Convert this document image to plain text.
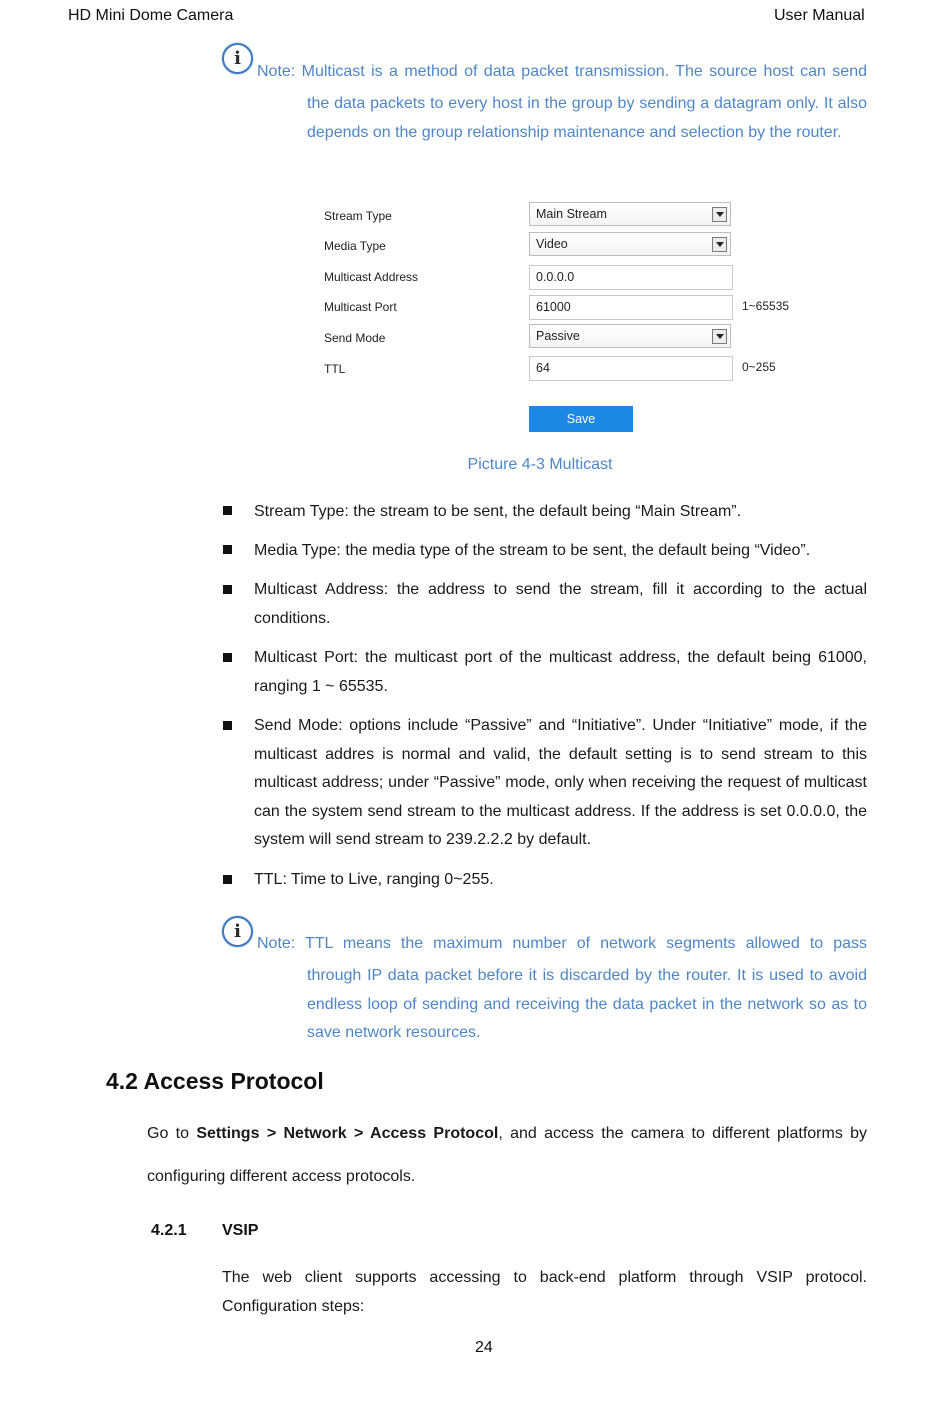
HD Mini Dome Camera	User Manual
i
Note: Multicast is a method of data packet transmission. The source host can send
the data packets to every host in the group by sending a datagram only. It also depends on the group relationship maintenance and selection by the router.
Stream Type	Main Stream
Media Type	Video
Multicast Address	0.0.0.0
Multicast Port	61000	1~65535
Send Mode	Passive
TTL	64	0~255
Save
Picture 4-3 Multicast
Stream Type: the stream to be sent, the default being “Main Stream”.
Media Type: the media type of the stream to be sent, the default being “Video”.
Multicast Address: the address to send the stream, fill it according to the actual conditions.
Multicast Port: the multicast port of the multicast address, the default being 61000, ranging 1 ~ 65535.
Send Mode: options include “Passive” and “Initiative”. Under “Initiative” mode, if the multicast addres is normal and valid, the default setting is to send stream to this multicast address; under “Passive” mode, only when receiving the request of multicast can the system send stream to the multicast address. If the address is set 0.0.0.0, the system will send stream to 239.2.2.2 by default.
TTL: Time to Live, ranging 0~255.
i
Note: TTL means the maximum number of network segments allowed to pass
through IP data packet before it is discarded by the router. It is used to avoid endless loop of sending and receiving the data packet in the network so as to save network resources.
4.2 Access Protocol
Go to Settings > Network > Access Protocol, and access the camera to different platforms by
configuring different access protocols.
4.2.1 VSIP
The web client supports accessing to back-end platform through VSIP protocol. Configuration steps:
24
